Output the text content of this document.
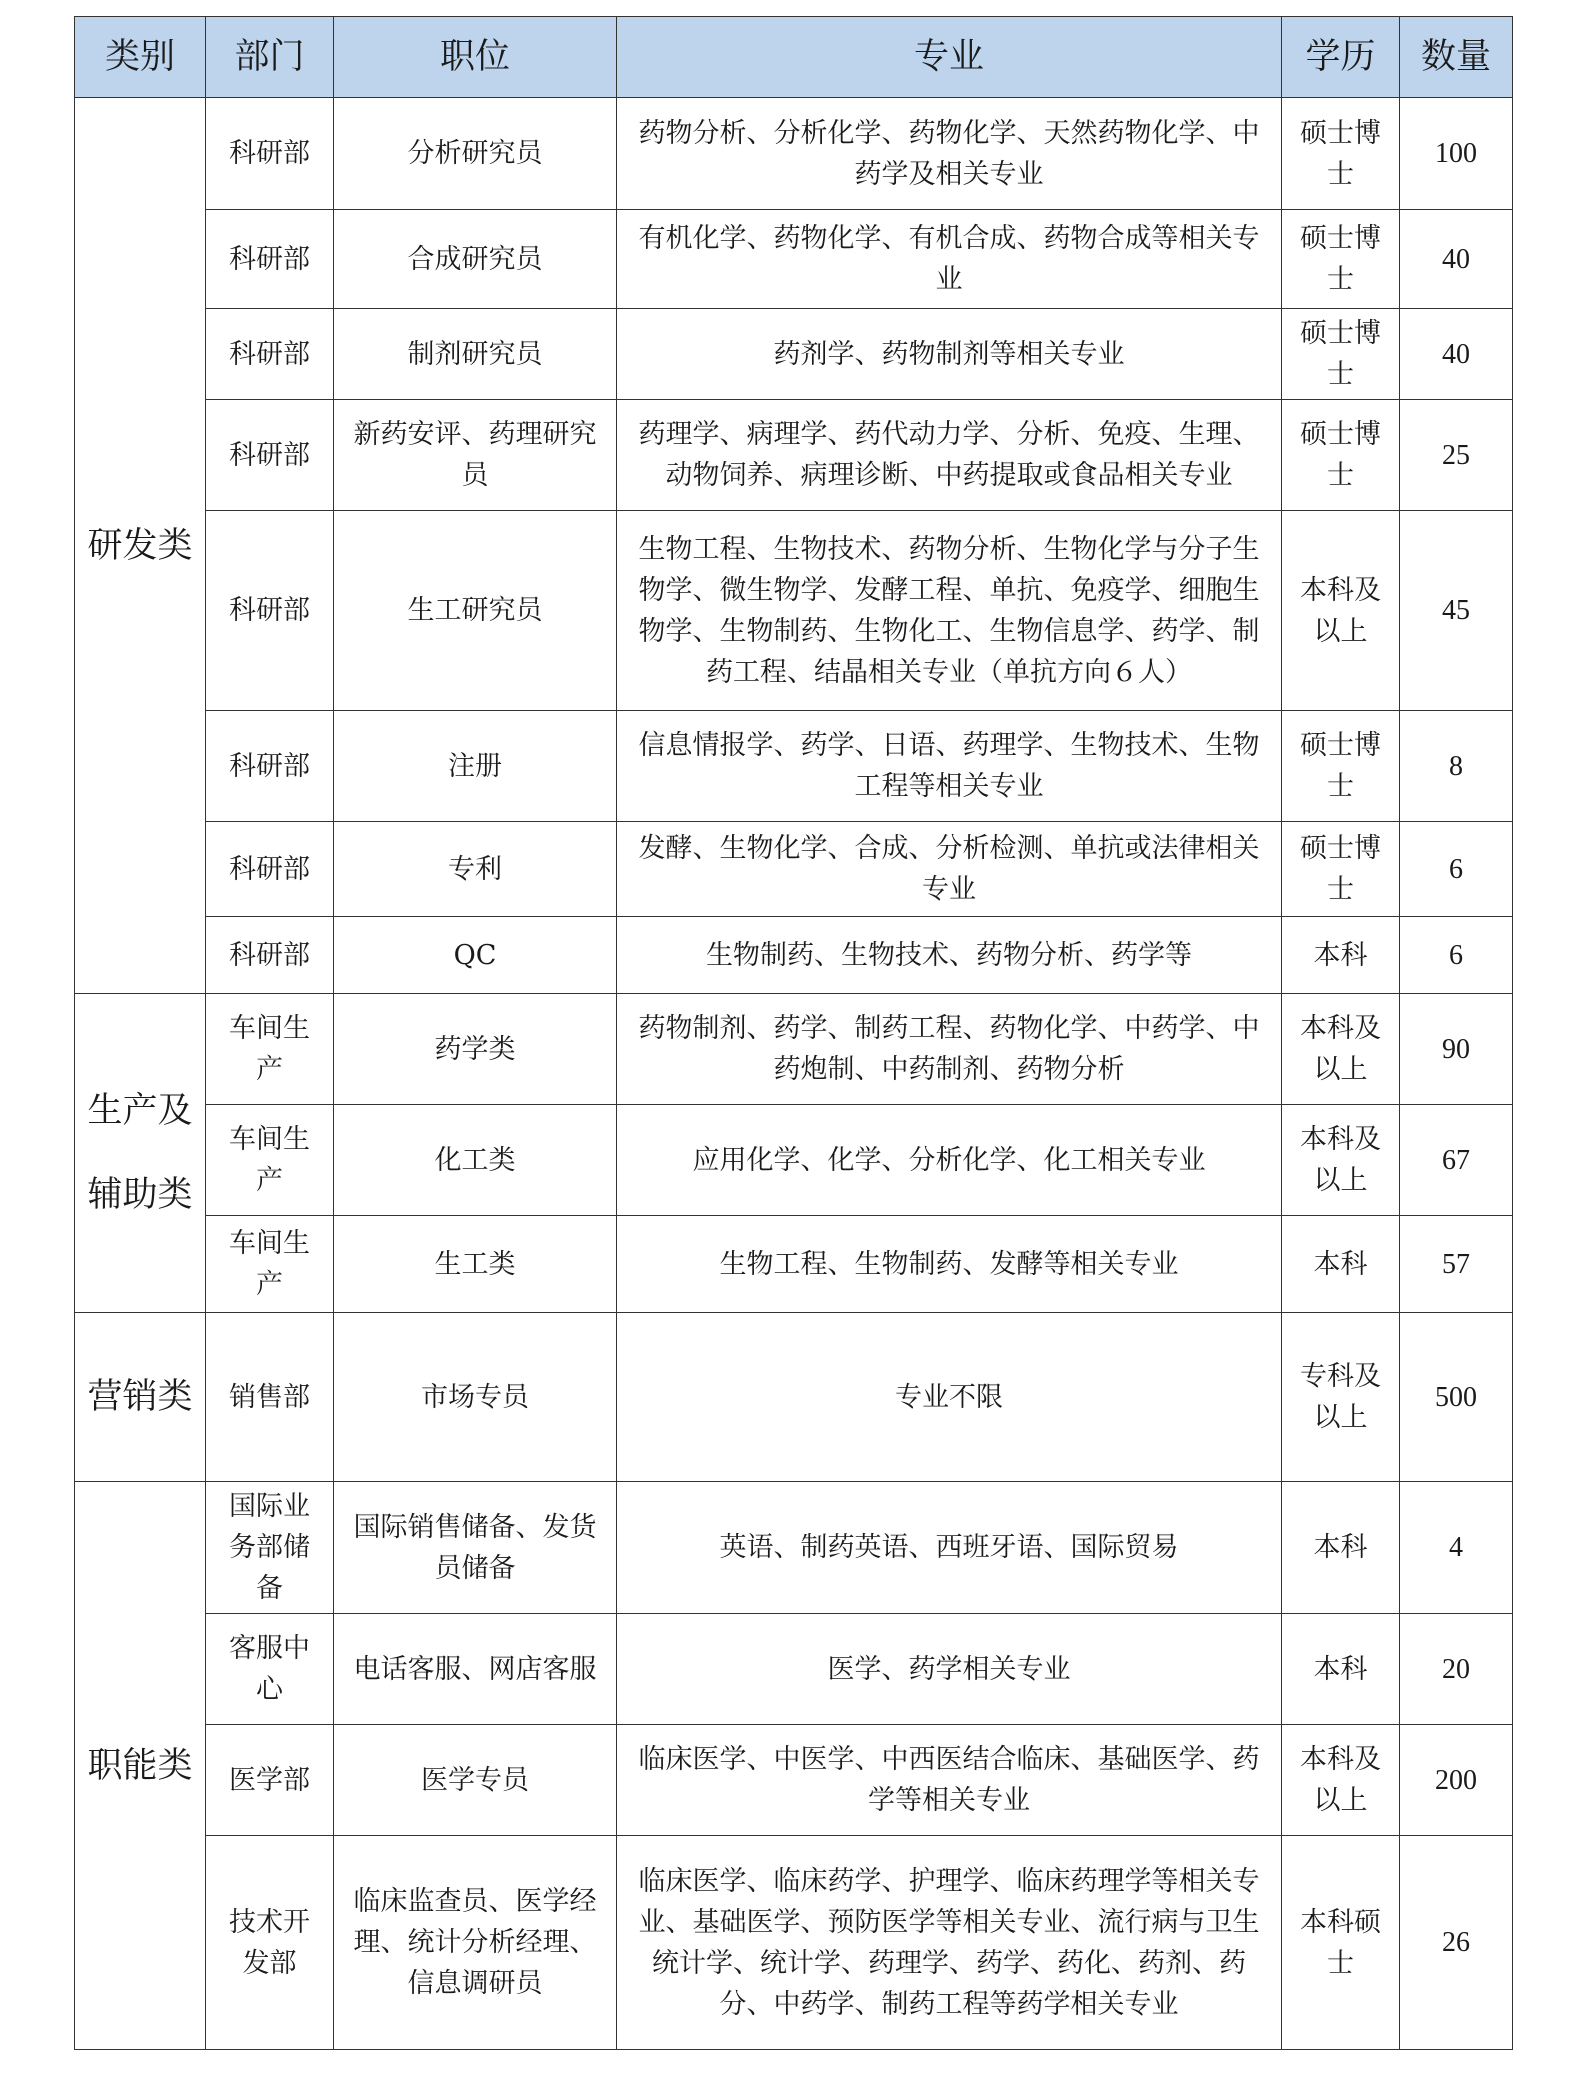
类别	部门	职位	专业	学历	数量
研发类	科研部	分析研究员	药物分析、分析化学、药物化学、天然药物化学、中药学及相关专业	硕士博士	100
	科研部	合成研究员	有机化学、药物化学、有机合成、药物合成等相关专业	硕士博士	40
	科研部	制剂研究员	药剂学、药物制剂等相关专业	硕士博士	40
	科研部	新药安评、药理研究员	药理学、病理学、药代动力学、分析、免疫、生理、动物饲养、病理诊断、中药提取或食品相关专业	硕士博士	25
	科研部	生工研究员	生物工程、生物技术、药物分析、生物化学与分子生物学、微生物学、发酵工程、单抗、免疫学、细胞生物学、生物制药、生物化工、生物信息学、药学、制药工程、结晶相关专业（单抗方向６人）	本科及以上	45
	科研部	注册	信息情报学、药学、日语、药理学、生物技术、生物工程等相关专业	硕士博士	8
	科研部	专利	发酵、生物化学、合成、分析检测、单抗或法律相关专业	硕士博士	6
	科研部	QC	生物制药、生物技术、药物分析、药学等	本科	6
生产及辅助类	车间生产	药学类	药物制剂、药学、制药工程、药物化学、中药学、中药炮制、中药制剂、药物分析	本科及以上	90
	车间生产	化工类	应用化学、化学、分析化学、化工相关专业	本科及以上	67
	车间生产	生工类	生物工程、生物制药、发酵等相关专业	本科	57
营销类	销售部	市场专员	专业不限	专科及以上	500
职能类	国际业务部储备	国际销售储备、发货员储备	英语、制药英语、西班牙语、国际贸易	本科	4
	客服中心	电话客服、网店客服	医学、药学相关专业	本科	20
	医学部	医学专员	临床医学、中医学、中西医结合临床、基础医学、药学等相关专业	本科及以上	200
	技术开发部	临床监查员、医学经理、统计分析经理、信息调研员	临床医学、临床药学、护理学、临床药理学等相关专业、基础医学、预防医学等相关专业、流行病与卫生统计学、统计学、药理学、药学、药化、药剂、药分、中药学、制药工程等药学相关专业	本科硕士	26
